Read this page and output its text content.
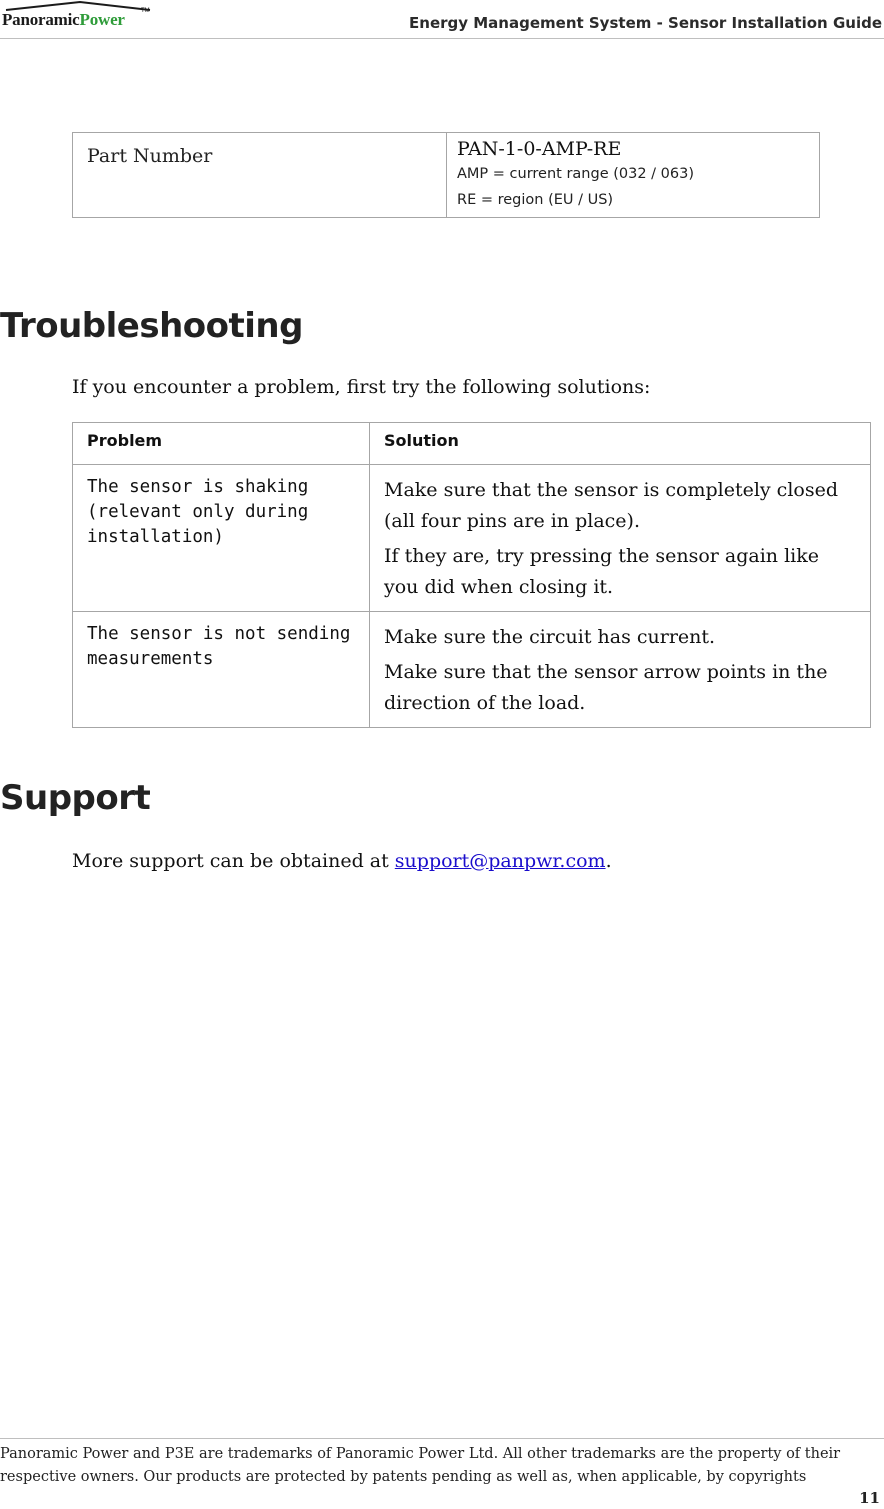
PanoramicPower	TM
Energy Management System - Sensor Installation Guide
Part Number	PAN-1-0-AMP-RE
AMP = current range (032 / 063)
RE = region (EU / US)
Troubleshooting
If you encounter a problem, first try the following solutions:
Problem	Solution
The sensor is shaking (relevant only during installation)	Make sure that the sensor is completely closed (all four pins are in place).

If they are, try pressing the sensor again like you did when closing it.

The sensor is not sending measurements	Make sure the circuit has current.

Make sure that the sensor arrow points in the direction of the load.

Support
More support can be obtained at support@panpwr.com.
Panoramic Power and P3E are trademarks of Panoramic Power Ltd. All other trademarks are the property of their respective owners. Our products are protected by patents pending as well as, when applicable, by copyrights
11
